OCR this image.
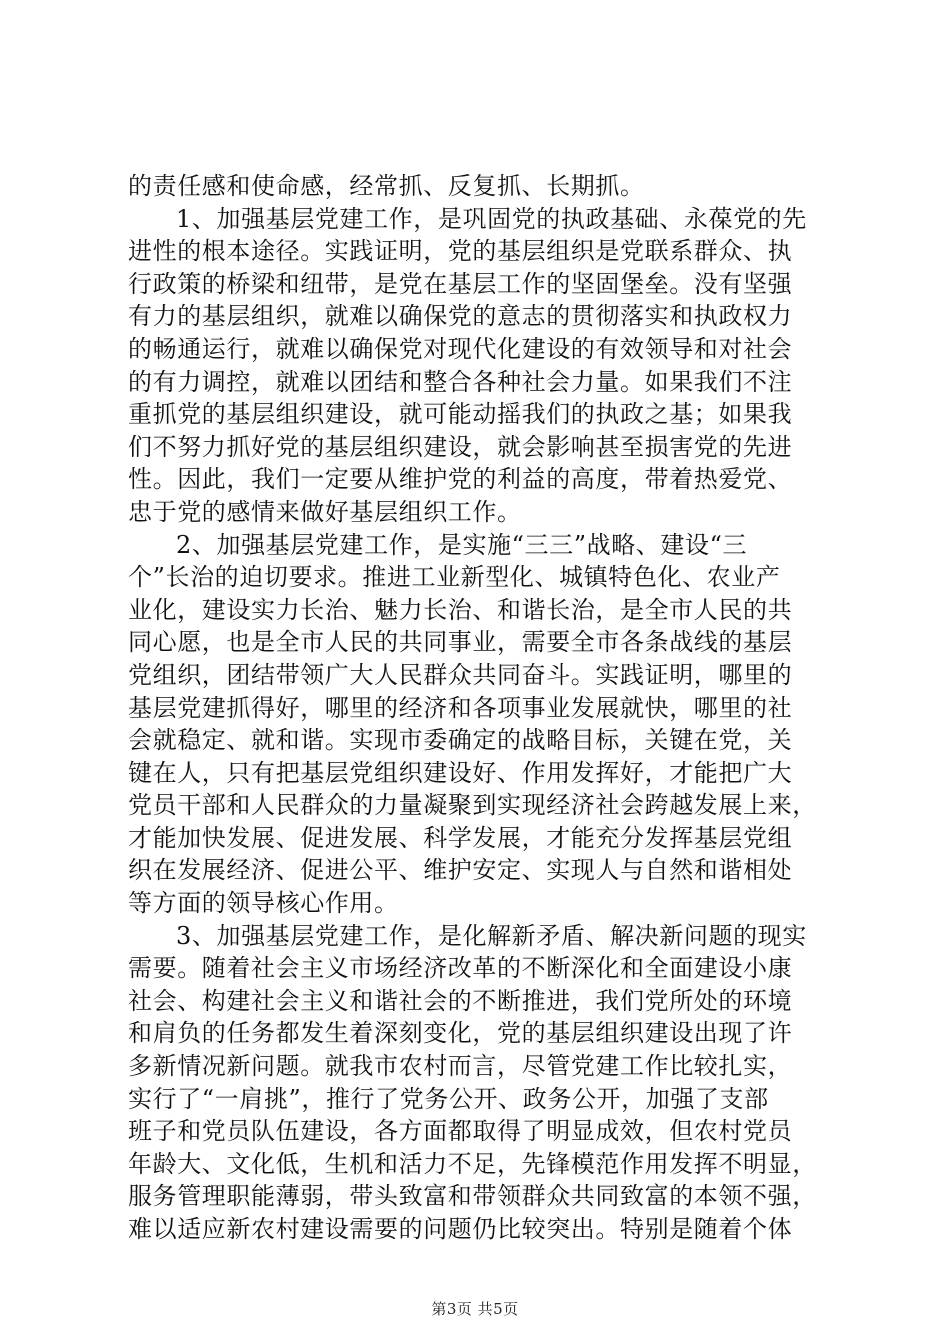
的责任感和使命感，经常抓、反复抓、长期抓。
1、加强基层党建工作，是巩固党的执政基础、永葆党的先
进性的根本途径。实践证明，党的基层组织是党联系群众、执
行政策的桥梁和纽带，是党在基层工作的坚固堡垒。没有坚强
有力的基层组织，就难以确保党的意志的贯彻落实和执政权力
的畅通运行，就难以确保党对现代化建设的有效领导和对社会
的有力调控，就难以团结和整合各种社会力量。如果我们不注
重抓党的基层组织建设，就可能动摇我们的执政之基；如果我
们不努力抓好党的基层组织建设，就会影响甚至损害党的先进
性。因此，我们一定要从维护党的利益的高度，带着热爱党、
忠于党的感情来做好基层组织工作。
2、加强基层党建工作，是实施“三三”战略、建设“三
个”长治的迫切要求。推进工业新型化、城镇特色化、农业产
业化，建设实力长治、魅力长治、和谐长治，是全市人民的共
同心愿，也是全市人民的共同事业，需要全市各条战线的基层
党组织，团结带领广大人民群众共同奋斗。实践证明，哪里的
基层党建抓得好，哪里的经济和各项事业发展就快，哪里的社
会就稳定、就和谐。实现市委确定的战略目标，关键在党，关
键在人，只有把基层党组织建设好、作用发挥好，才能把广大
党员干部和人民群众的力量凝聚到实现经济社会跨越发展上来，
才能加快发展、促进发展、科学发展，才能充分发挥基层党组
织在发展经济、促进公平、维护安定、实现人与自然和谐相处
等方面的领导核心作用。
3、加强基层党建工作，是化解新矛盾、解决新问题的现实
需要。随着社会主义市场经济改革的不断深化和全面建设小康
社会、构建社会主义和谐社会的不断推进，我们党所处的环境
和肩负的任务都发生着深刻变化，党的基层组织建设出现了许
多新情况新问题。就我市农村而言，尽管党建工作比较扎实，
实行了“一肩挑”，推行了党务公开、政务公开，加强了支部
班子和党员队伍建设，各方面都取得了明显成效，但农村党员
年龄大、文化低，生机和活力不足，先锋模范作用发挥不明显，
服务管理职能薄弱，带头致富和带领群众共同致富的本领不强，
难以适应新农村建设需要的问题仍比较突出。特别是随着个体
第3页 共5页
